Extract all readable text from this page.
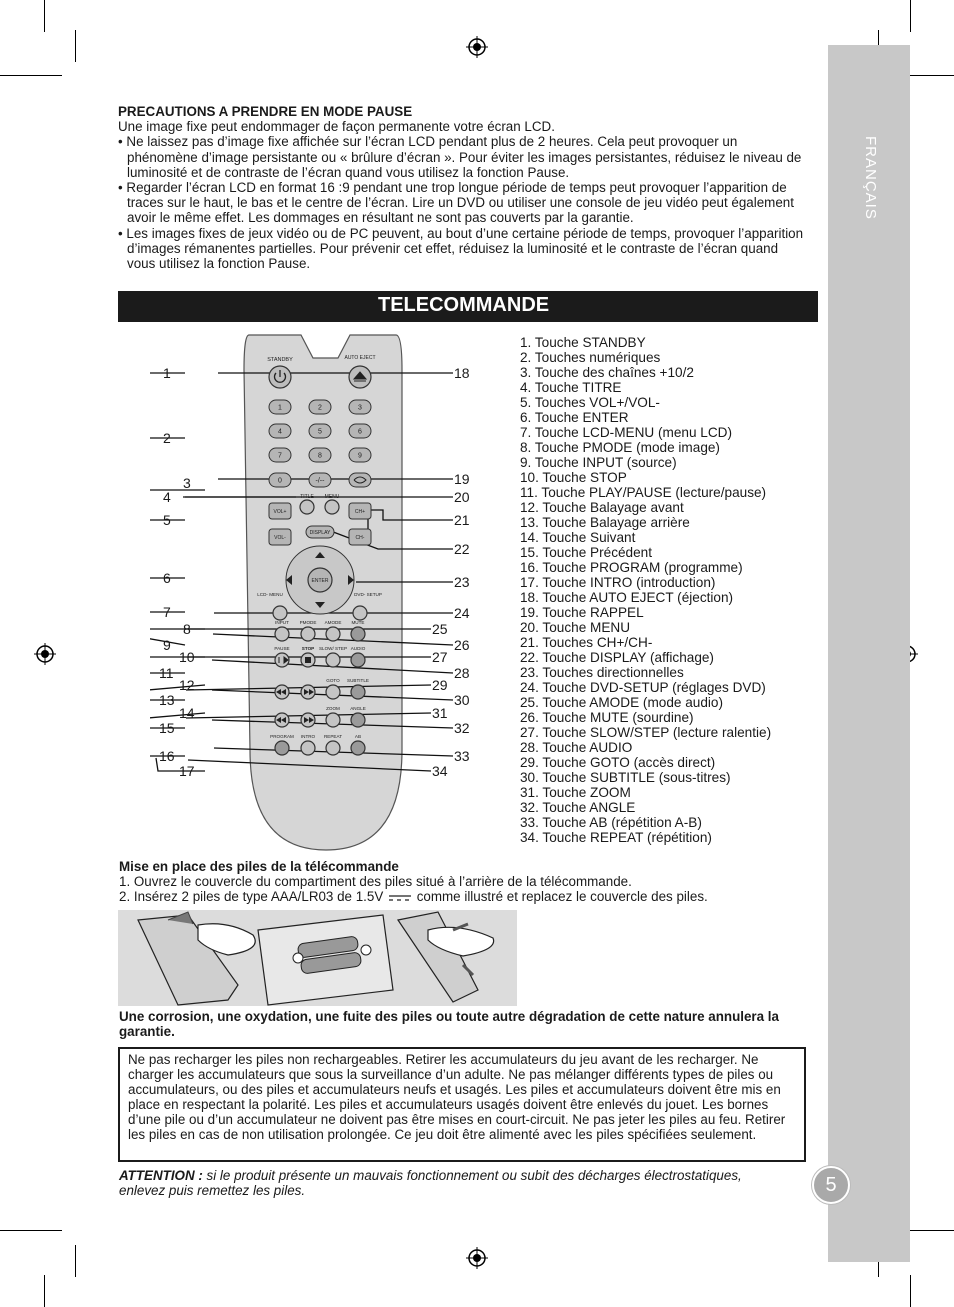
FRANÇAIS
5
PRECAUTIONS A PRENDRE EN MODE PAUSE

Une image fixe peut endommager de façon permanente votre écran LCD.

• Ne laissez pas d’image fixe affichée sur l’écran LCD pendant plus de 2 heures. Cela peut provoquer un phénomène d’image persistante ou « brûlure d’écran ». Pour éviter les images persistantes, réduisez le niveau de luminosité et de contraste de l’écran quand vous utilisez la fonction Pause.
• Regarder l’écran LCD en format 16 :9 pendant une trop longue période de temps peut provoquer l’apparition de traces sur le haut, le bas et le centre de l’écran. Lire un DVD ou utiliser une console de jeu vidéo peut également avoir le même effet. Les dommages en résultant ne sont pas couverts par la garantie.
• Les images fixes de jeux vidéo ou de PC peuvent, au bout d’une certaine période de temps, provoquer l’apparition d’images rémanentes partielles. Pour prévenir cet effet, réduisez la luminosité et le contraste de l’écran quand vous utilisez la fonction Pause.
TELECOMMANDE
STANDBY	AUTO EJECT
1	2	3
4	5	6
7	8	9
0	-/--
TITLE MENU
VOL+
VOL-
CH+
CH-
DISPLAY
ENTER
LCD- MENU	DVD- SETUP
INPUT PMODE AMODE MUTE
PAUSE	STOP SLOW/ STEP AUDIO
GOTO SUBTITLE
ZOOM ANGLE
PROGRAM INTRO REPEAT	AB
1
2
3
4
5
6
7
8
9
10
11
12
13
14
15
16
17
18
19
20
21
22
23
24
25
26
27
28
29
30
31
32
33
34
1. Touche STANDBY
2. Touches numériques
3. Touche des chaînes +10/2
4. Touche TITRE
5. Touches VOL+/VOL-
6. Touche ENTER
7. Touche LCD-MENU (menu LCD)
8. Touche PMODE (mode image)
9. Touche INPUT (source)
10. Touche STOP
11. Touche PLAY/PAUSE (lecture/pause)
12. Touche Balayage avant
13. Touche Balayage arrière
14. Touche Suivant
15. Touche Précédent
16. Touche PROGRAM (programme)
17. Touche INTRO (introduction)
18. Touche AUTO EJECT (éjection)
19. Touche RAPPEL
20. Touche MENU
21. Touches CH+/CH-
22. Touche DISPLAY (affichage)
23. Touches directionnelles
24. Touche DVD-SETUP (réglages DVD)
25. Touche AMODE (mode audio)
26. Touche MUTE (sourdine)
27. Touche SLOW/STEP (lecture ralentie)
28. Touche AUDIO
29. Touche GOTO (accès direct)
30. Touche SUBTITLE (sous-titres)
31. Touche ZOOM
32. Touche ANGLE
33. Touche AB (répétition A-B)
34. Touche REPEAT (répétition)
Mise en place des piles de la télécommande
1. Ouvrez le couvercle du compartiment des piles situé à l’arrière de la télécommande.
2. Insérez 2 piles de type AAA/LR03 de 1.5V comme illustré et replacez le couvercle des piles.
Une corrosion, une oxydation, une fuite des piles ou toute autre dégradation de cette nature annulera la garantie.
Ne pas recharger les piles non rechargeables. Retirer les accumulateurs du jeu avant de les recharger. Ne charger les accumulateurs que sous la surveillance d’un adulte. Ne pas mélanger différents types de piles ou accumulateurs, ou des piles et accumulateurs neufs et usagés. Les piles et accumulateurs doivent être mis en place en respectant la polarité. Les piles et accumulateurs usagés doivent être enlevés du jouet. Les bornes d’une pile ou d’un accumulateur ne doivent pas être mises en court-circuit. Ne pas jeter les piles au feu. Retirer les piles en cas de non utilisation prolongée. Ce jeu doit être alimenté avec les piles spécifiées seulement.
ATTENTION : si le produit présente un mauvais fonctionnement ou subit des décharges électrostatiques, enlevez puis remettez les piles.
